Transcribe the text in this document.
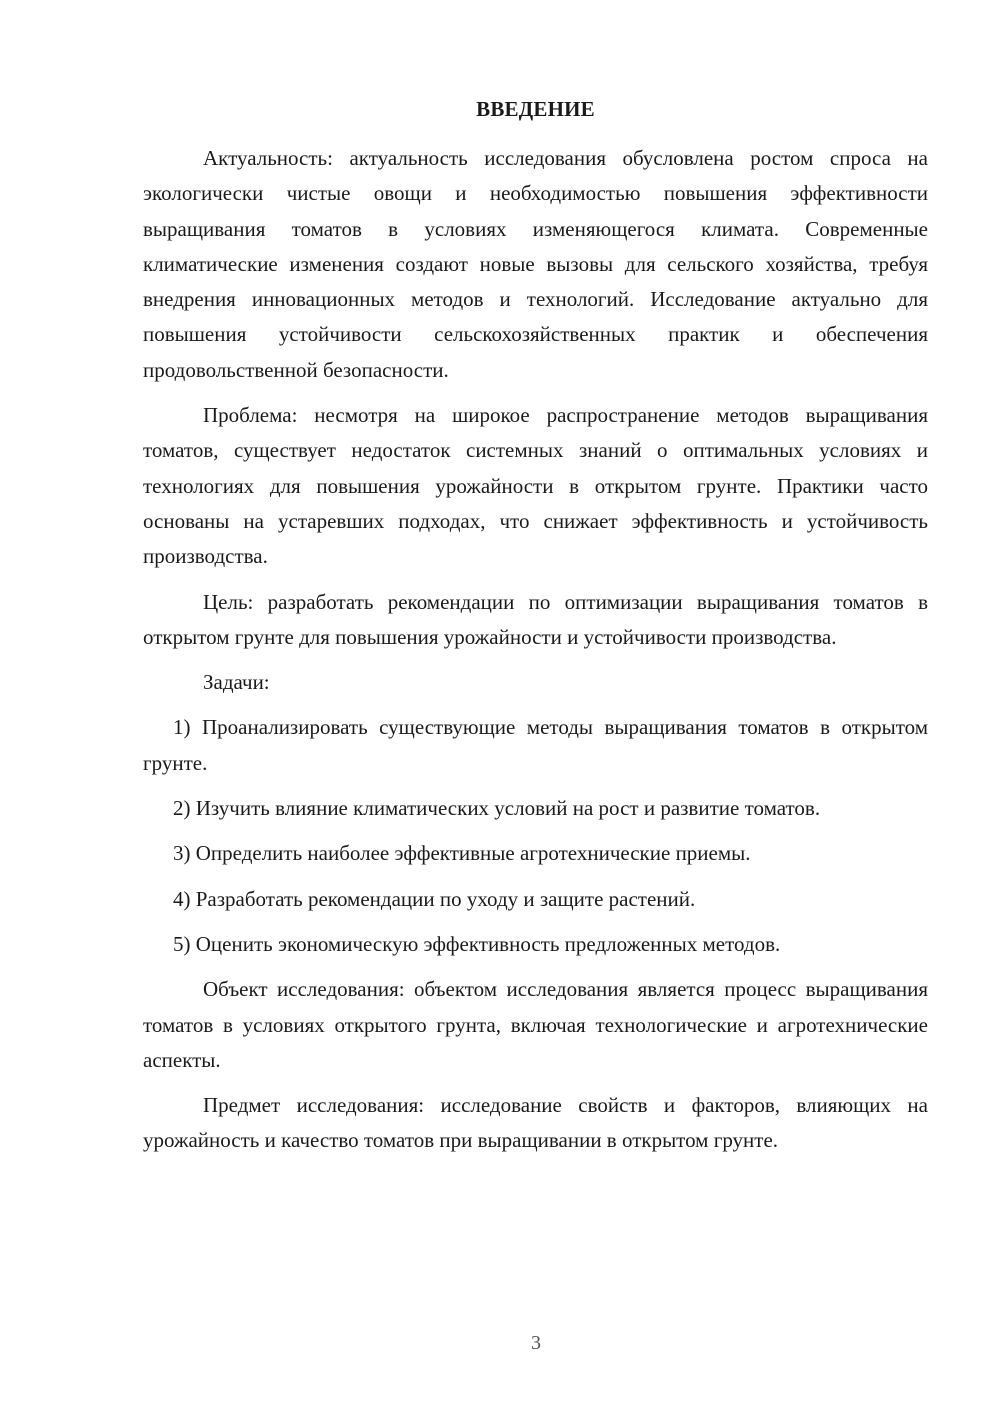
ВВЕДЕНИЕ

Актуальность: актуальность исследования обусловлена ростом спроса на экологически чистые овощи и необходимостью повышения эффективности выращивания томатов в условиях изменяющегося климата. Современные климатические изменения создают новые вызовы для сельского хозяйства, требуя внедрения инновационных методов и технологий. Исследование актуально для повышения устойчивости сельскохозяйственных практик и обеспечения продовольственной безопасности.

Проблема: несмотря на широкое распространение методов выращивания томатов, существует недостаток системных знаний о оптимальных условиях и технологиях для повышения урожайности в открытом грунте. Практики часто основаны на устаревших подходах, что снижает эффективность и устойчивость производства.

Цель: разработать рекомендации по оптимизации выращивания томатов в открытом грунте для повышения урожайности и устойчивости производства.

Задачи:

1) Проанализировать существующие методы выращивания томатов в открытом грунте.

2) Изучить влияние климатических условий на рост и развитие томатов.

3) Определить наиболее эффективные агротехнические приемы.

4) Разработать рекомендации по уходу и защите растений.

5) Оценить экономическую эффективность предложенных методов.

Объект исследования: объектом исследования является процесс выращивания томатов в условиях открытого грунта, включая технологические и агротехнические аспекты.

Предмет исследования: исследование свойств и факторов, влияющих на урожайность и качество томатов при выращивании в открытом грунте.

3
